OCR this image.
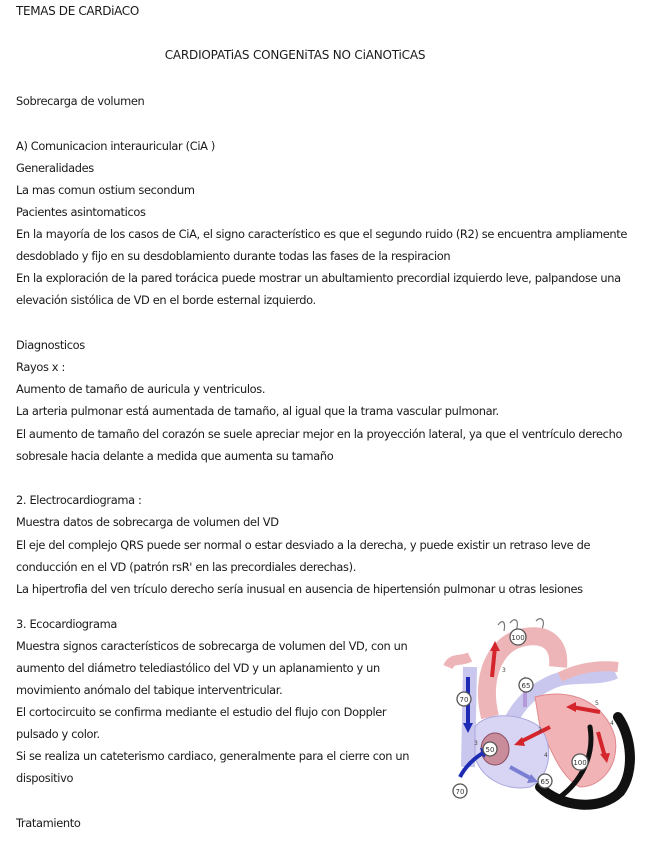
TEMAS DE CARDiACO
CARDIOPATiAS CONGENiTAS NO CiANOTiCAS
Sobrecarga de volumen
A) Comunicacion interauricular (CiA )
Generalidades
La mas comun ostium secondum
Pacientes asintomaticos
En la mayoría de los casos de CiA, el signo característico es que el segundo ruido (R2) se encuentra ampliamente
desdoblado y fijo en su desdoblamiento durante todas las fases de la respiracion
En la exploración de la pared torácica puede mostrar un abultamiento precordial izquierdo leve, palpandose una
elevación sistólica de VD en el borde esternal izquierdo.
Diagnosticos
Rayos x :
Aumento de tamaño de auricula y ventriculos.
La arteria pulmonar está aumentada de tamaño, al igual que la trama vascular pulmonar.
El aumento de tamaño del corazón se suele apreciar mejor en la proyección lateral, ya que el ventrículo derecho
sobresale hacia delante a medida que aumenta su tamaño
2. Electrocardiograma :
Muestra datos de sobrecarga de volumen del VD
El eje del complejo QRS puede ser normal o estar desviado a la derecha, y puede existir un retraso leve de
conducción en el VD (patrón rsR' en las precordiales derechas).
La hipertrofia del ven trículo derecho sería inusual en ausencia de hipertensión pulmonar u otras lesiones
3. Ecocardiograma
Muestra signos característicos de sobrecarga de volumen del VD, con un
aumento del diámetro telediastólico del VD y un aplanamiento y un
movimiento anómalo del tabique interventricular.
El cortocircuito se confirma mediante el estudio del flujo con Doppler
pulsado y color.
Si se realiza un cateterismo cardiaco, generalmente para el cierre con un
dispositivo
Tratamiento
100
65
70
50
100
65
70
3
3
3
5
4
4
